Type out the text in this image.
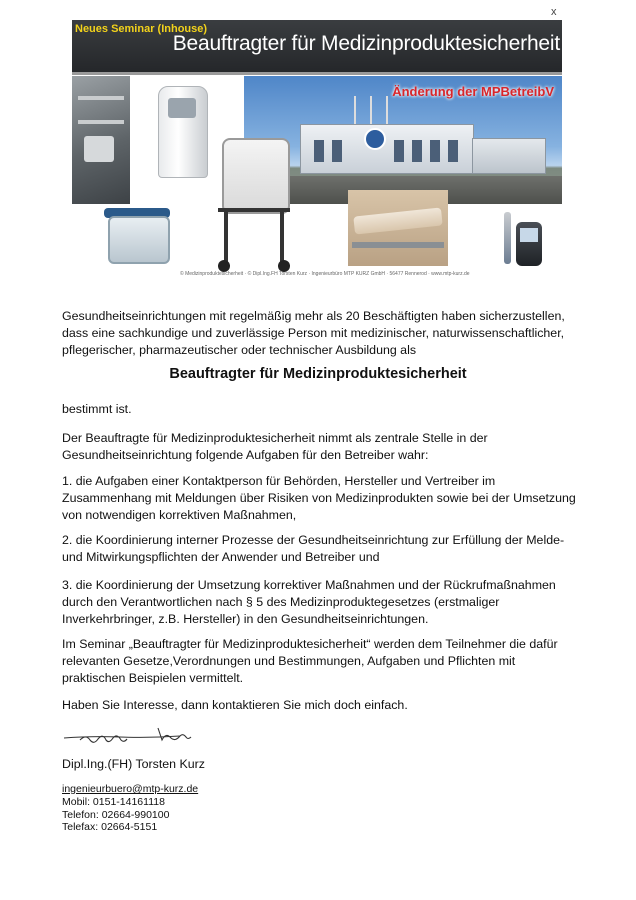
x
Neues Seminar (Inhouse)
Beauftragter für Medizinproduktesicherheit
Änderung der MPBetreibV
© Medizinproduktesicherheit · © Dipl.Ing.FH Torsten Kurz · Ingenieurbüro MTP KURZ GmbH · 56477 Rennerod · www.mtp-kurz.de

Gesundheitseinrichtungen mit regelmäßig mehr als 20 Beschäftigten haben sicherzustellen, dass eine sachkundige und zuverlässige Person mit medizinischer, naturwissenschaftlicher, pflegerischer, pharmazeutischer oder technischer Ausbildung als

Beauftragter für Medizinproduktesicherheit

bestimmt ist.

Der Beauftragte für Medizinproduktesicherheit nimmt als zentrale Stelle in der Gesundheitseinrichtung folgende Aufgaben für den Betreiber wahr:

1. die Aufgaben einer Kontaktperson für Behörden, Hersteller und Vertreiber im Zusammenhang mit Meldungen über Risiken von Medizinprodukten sowie bei der Umsetzung von notwendigen korrektiven Maßnahmen,

2. die Koordinierung interner Prozesse der Gesundheitseinrichtung zur Erfüllung der Melde- und Mitwirkungspflichten der Anwender und Betreiber und

3. die Koordinierung der Umsetzung korrektiver Maßnahmen und der Rückrufmaßnahmen durch den Verantwortlichen nach § 5 des Medizinproduktegesetzes (erstmaliger Inverkehrbringer, z.B. Hersteller) in den Gesundheitseinrichtungen.

Im Seminar „Beauftragter für Medizinproduktesicherheit“ werden dem Teilnehmer die dafür relevanten Gesetze,Verordnungen und Bestimmungen, Aufgaben und Pflichten mit praktischen Beispielen vermittelt.

Haben Sie Interesse, dann kontaktieren Sie mich doch einfach.

Dipl.Ing.(FH) Torsten Kurz
ingenieurbuero@mtp-kurz.de
Mobil: 0151-14161118
Telefon: 02664-990100
Telefax: 02664-5151
